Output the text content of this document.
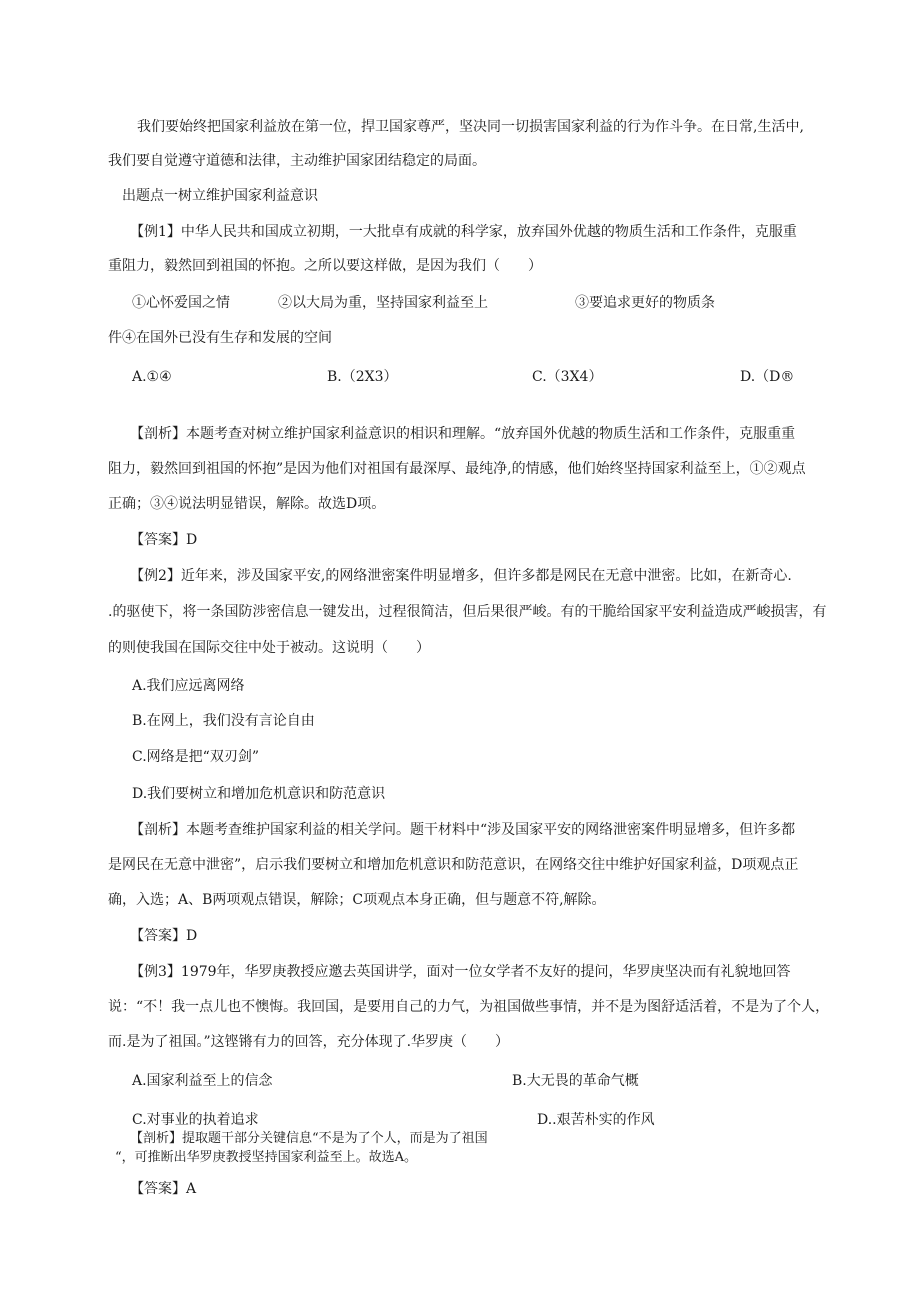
我们要始终把国家利益放在第一位，捍卫国家尊严，坚决同一切损害国家利益的行为作斗争。在日常,生活中,
我们要自觉遵守道德和法律，主动维护国家团结稳定的局面。
出题点一树立维护国家利益意识
【例1】中华人民共和国成立初期，一大批卓有成就的科学家，放弃国外优越的物质生活和工作条件，克服重
重阻力，毅然回到祖国的怀抱。之所以要这样做，是因为我们（　　）
①心怀爱国之情	②以大局为重，坚持国家利益至上	③要追求更好的物质条
件④在国外已没有生存和发展的空间
A.①④	B.（2X3）	C.（3X4）	D.（D®
【剖析】本题考查对树立维护国家利益意识的相识和理解。“放弃国外优越的物质生活和工作条件，克服重重
阻力，毅然回到祖国的怀抱”是因为他们对祖国有最深厚、最纯净,的情感，他们始终坚持国家利益至上，①②观点
正确；③④说法明显错误，解除。故选D项。
【答案】D
【例2】近年来，涉及国家平安,的网络泄密案件明显增多，但许多都是网民在无意中泄密。比如，在新奇心.
.的驱使下，将一条国防涉密信息一键发出，过程很简洁，但后果很严峻。有的干脆给国家平安利益造成严峻损害，有
的则使我国在国际交往中处于被动。这说明（　　）
A.我们应远离网络
B.在网上，我们没有言论自由
C.网络是把“双刃剑”
D.我们要树立和增加危机意识和防范意识
【剖析】本题考查维护国家利益的相关学问。题干材料中“涉及国家平安的网络泄密案件明显增多，但许多都
是网民在无意中泄密”，启示我们要树立和增加危机意识和防范意识，在网络交往中维护好国家利益，D项观点正
确，入选；A、B两项观点错误，解除；C项观点本身正确，但与题意不符,解除。
【答案】D
【例3】1979年，华罗庚教授应邀去英国讲学，面对一位女学者不友好的提问，华罗庚坚决而有礼貌地回答
说：“不！我一点儿也不懊悔。我回国，是要用自己的力气，为祖国做些事情，并不是为图舒适活着，不是为了个人，
而.是为了祖国。”这铿锵有力的回答，充分体现了.华罗庚（　　）
A.国家利益至上的信念	B.大无畏的革命气概
C.对事业的执着追求	D..艰苦朴实的作风
【剖析】提取题干部分关键信息“不是为了个人，而是为了祖国
“，可推断出华罗庚教授坚持国家利益至上。故选A。
【答案】A
